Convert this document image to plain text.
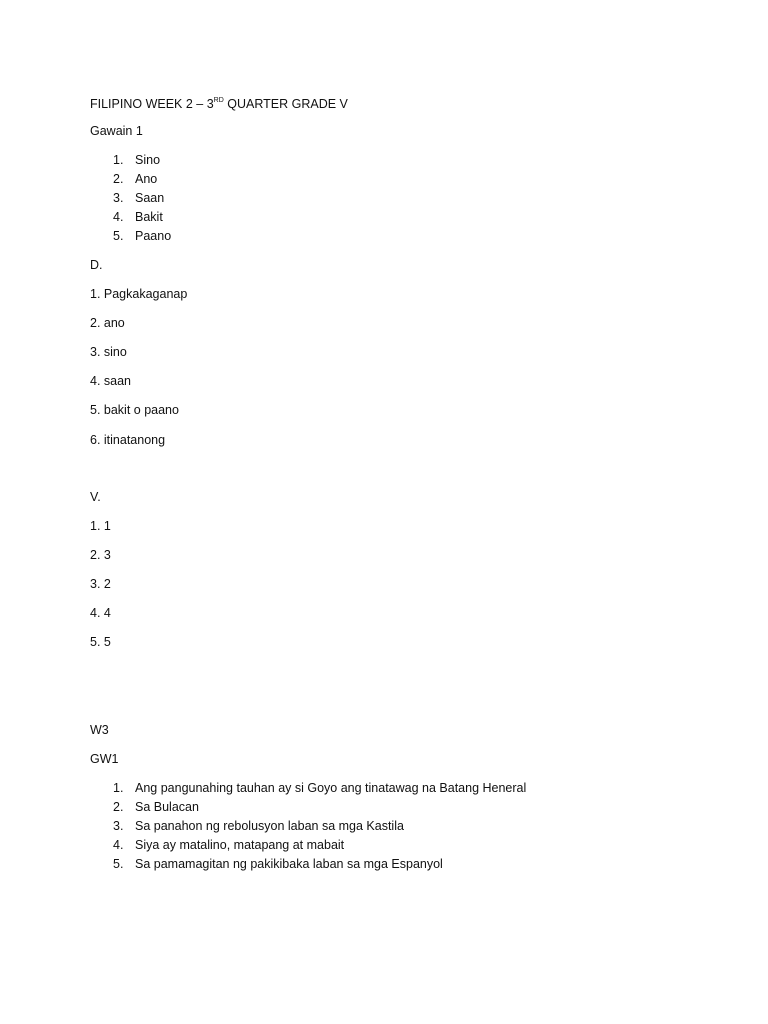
FILIPINO WEEK 2 – 3RD QUARTER GRADE V
Gawain 1
1. Sino
2. Ano
3. Saan
4. Bakit
5. Paano
D.
1. Pagkakaganap
2. ano
3. sino
4. saan
5. bakit o paano
6. itinatanong
V.
1. 1
2. 3
3. 2
4. 4
5. 5
W3
GW1
1. Ang pangunahing tauhan ay si Goyo ang tinatawag na Batang Heneral
2. Sa Bulacan
3. Sa panahon ng rebolusyon laban sa mga Kastila
4. Siya ay matalino, matapang at mabait
5. Sa pamamagitan ng pakikibaka laban sa mga Espanyol
